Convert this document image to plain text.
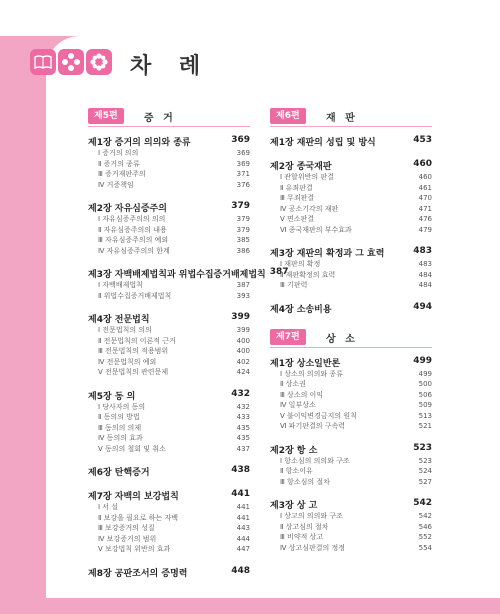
차 례
제5편	증 거
제1장 증거의 의의와 종류	369
Ⅰ 증거의 의의	369
Ⅱ 증거의 종류	369
Ⅲ 증거재판주의	371
Ⅳ 거증책임	376
제2장 자유심증주의	379
Ⅰ 자유심증주의의 의의	379
Ⅱ 자유심증주의의 내용	379
Ⅲ 자유심증주의의 예외	385
Ⅳ 자유심증주의의 한계	386
제3장 자백배제법칙과 위법수집증거배제법칙 387
Ⅰ 자백배제법칙	387
Ⅱ 위법수집증거배제법칙	393
제4장 전문법칙	399
Ⅰ 전문법칙의 의의	399
Ⅱ 전문법칙의 이론적 근거	400
Ⅲ 전문법칙의 적용범위	400
Ⅳ 전문법칙의 예외	402
Ⅴ 전문법칙의 관련문제	424
제5장 동 의	432
Ⅰ 당사자의 동의	432
Ⅱ 동의의 방법	433
Ⅲ 동의의 의제	435
Ⅳ 동의의 효과	435
Ⅴ 동의의 철회 및 취소	437
제6장 탄핵증거	438
제7장 자백의 보강법칙	441
Ⅰ 서 설	441
Ⅱ 보강을 필요로 하는 자백	441
Ⅲ 보강증거의 성질	443
Ⅳ 보강증거의 범위	444
Ⅴ 보강법칙 위반의 효과	447
제8장 공판조서의 증명력	448
제6편	재 판
제1장 재판의 성립 및 방식	453
제2장 종국재판	460
Ⅰ 관할위반의 판결	460
Ⅱ 유죄판결	461
Ⅲ 무죄판결	470
Ⅳ 공소기각의 재판	471
Ⅴ 면소판결	476
Ⅵ 종국재판의 부수효과	479
제3장 재판의 확정과 그 효력	483
Ⅰ 재판의 확정	483
Ⅱ 재판확정의 효력	484
Ⅲ 기판력	484
제4장 소송비용	494
제7편	상 소
제1장 상소일반론	499
Ⅰ 상소의 의의와 종류	499
Ⅱ 상소권	500
Ⅲ 상소의 이익	506
Ⅳ 일부상소	509
Ⅴ 불이익변경금지의 원칙	513
Ⅵ 파기판결의 구속력	521
제2장 항 소	523
Ⅰ 항소심의 의의와 구조	523
Ⅱ 항소이유	524
Ⅲ 항소심의 절차	527
제3장 상 고	542
Ⅰ 상고의 의의와 구조	542
Ⅱ 상고심의 절차	546
Ⅲ 비약적 상고	552
Ⅳ 상고심판결의 정정	554
